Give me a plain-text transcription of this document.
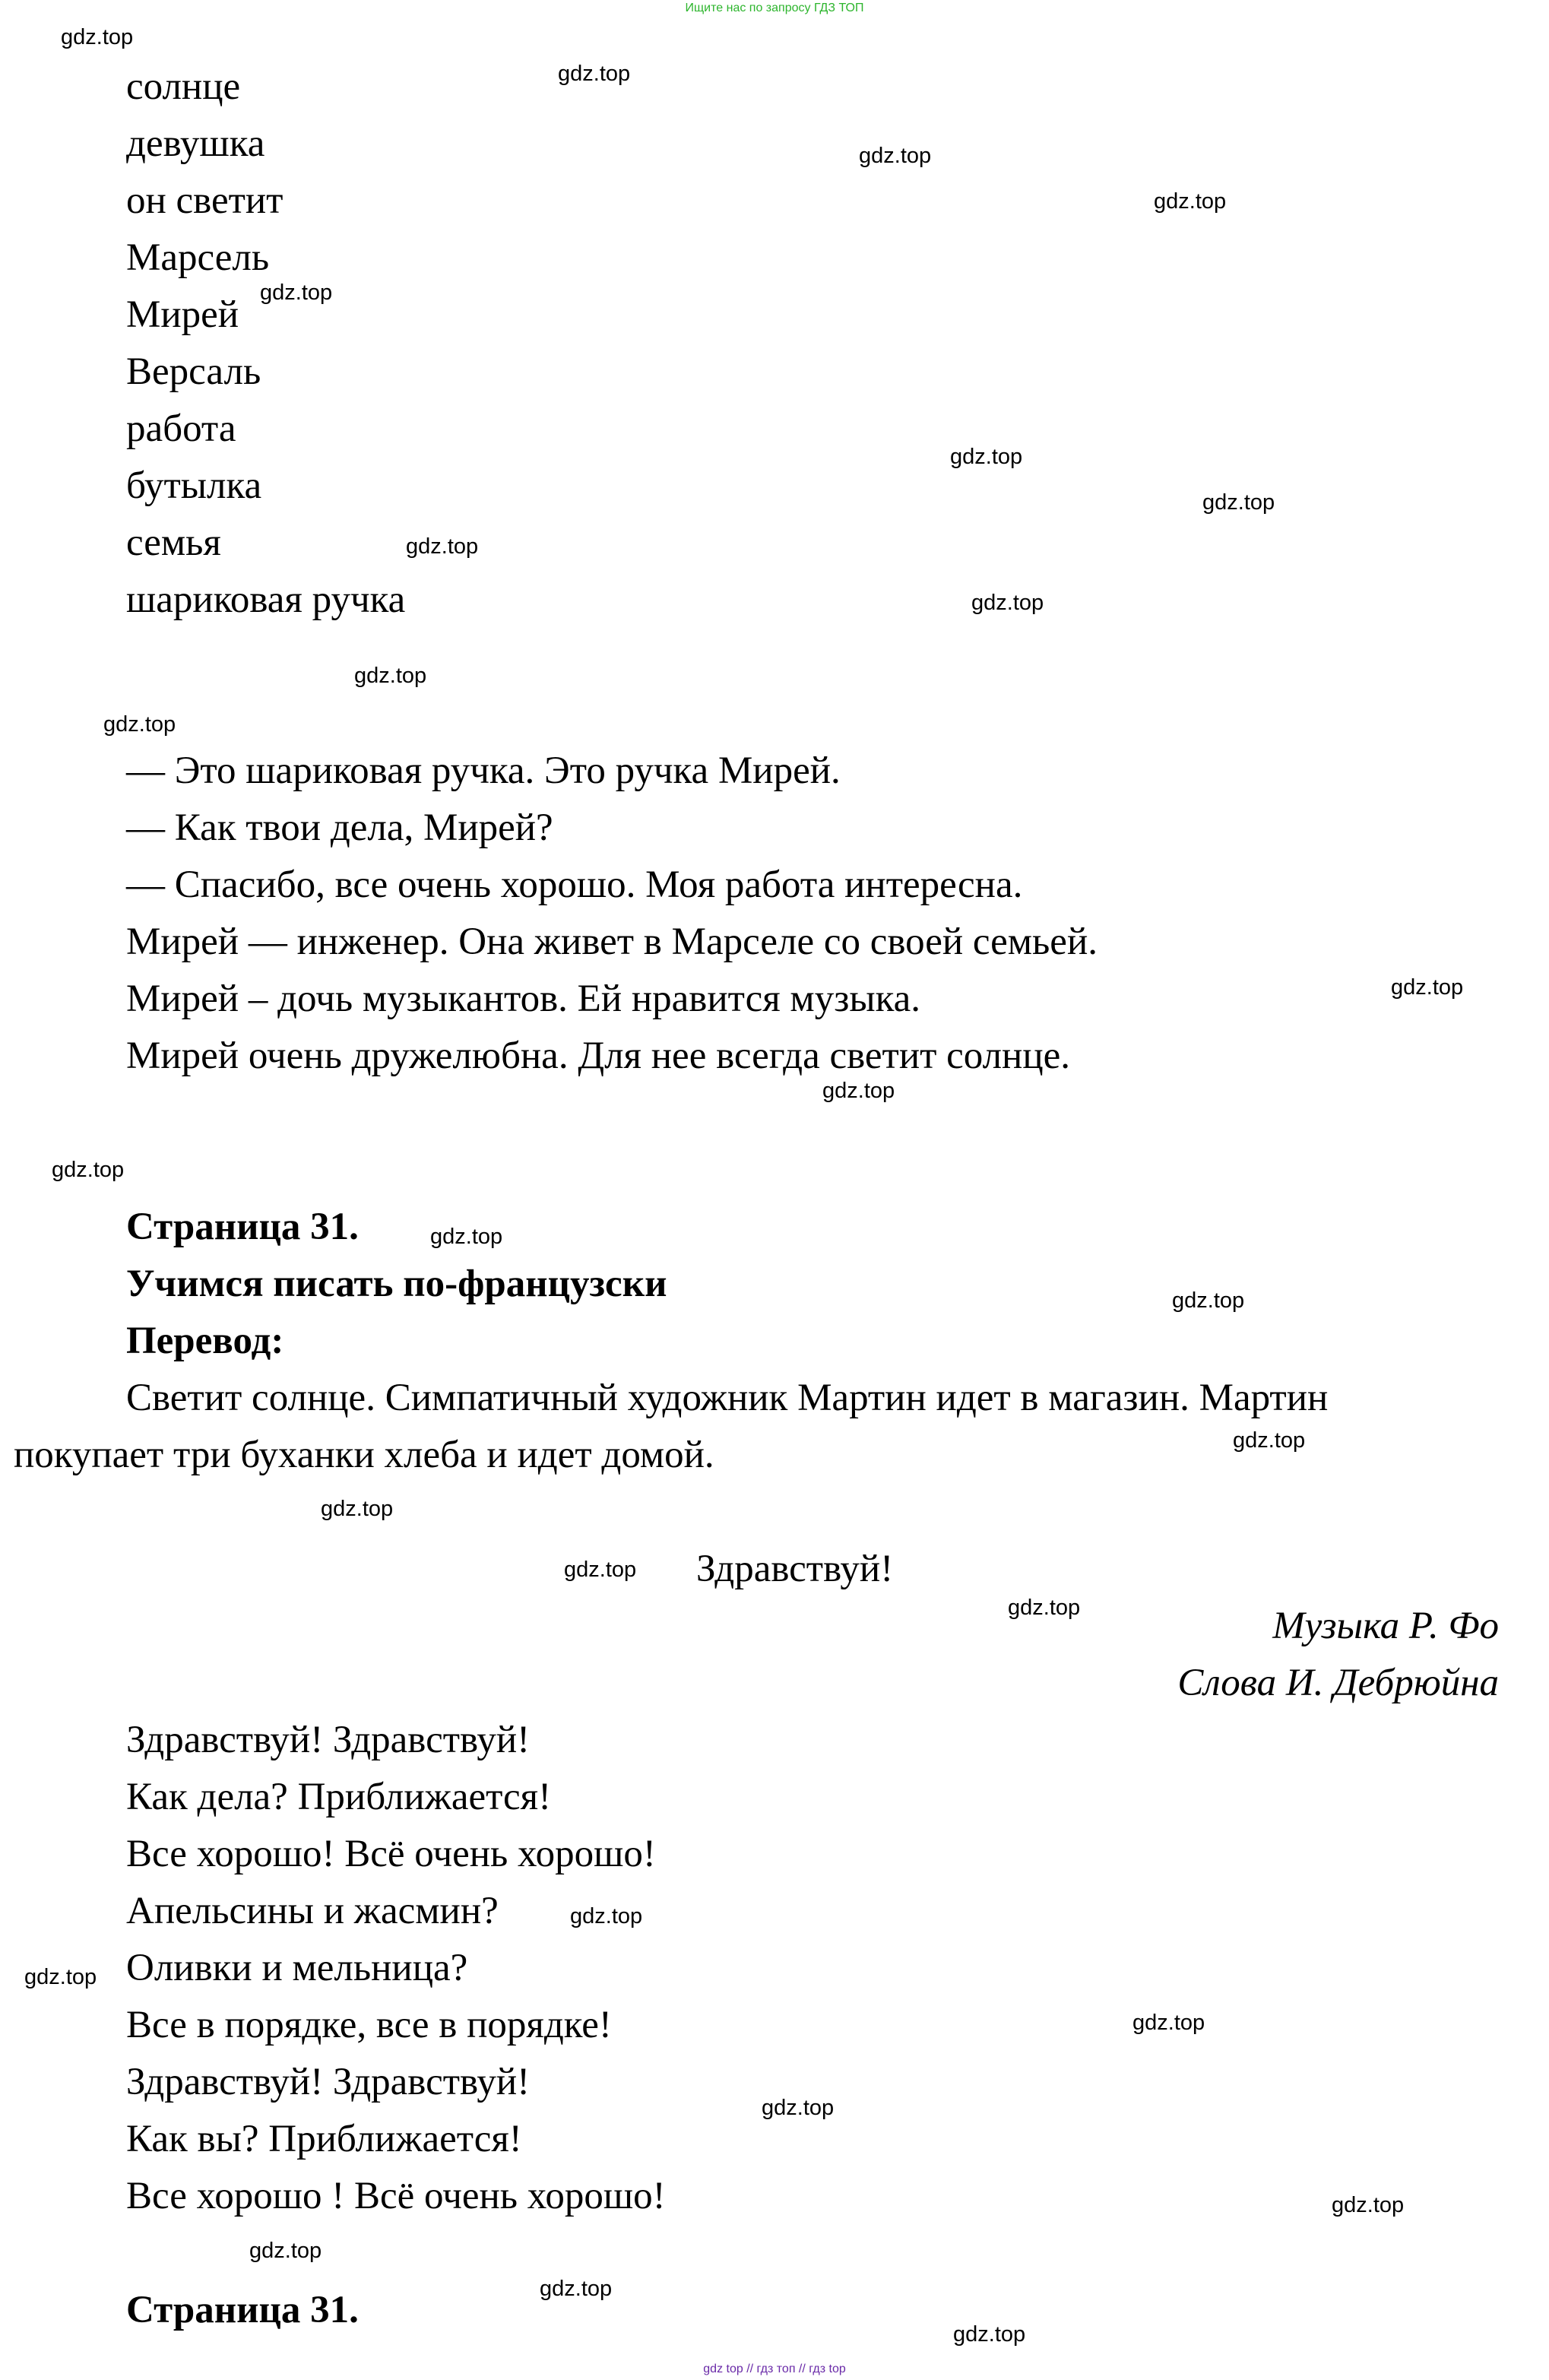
Ищите нас по запросу ГДЗ ТОП
солнце
девушка
он светит
Марсель
Мирей
Версаль
работа
бутылка
семья
шариковая ручка
— Это шариковая ручка. Это ручка Мирей.
— Как твои дела, Мирей?
— Спасибо, все очень хорошо. Моя работа интересна.
Мирей — инженер. Она живет в Марселе со своей семьей.
Мирей – дочь музыкантов. Ей нравится музыка.
Мирей очень дружелюбна. Для нее всегда светит солнце.
Страница 31.
Учимся писать по-французски
Перевод:
Светит солнце. Симпатичный художник Мартин идет в магазин. Мартин
покупает три буханки хлеба и идет домой.
Здравствуй!
Музыка Р. Фо
Слова И. Дебрюйна
Здравствуй! Здравствуй!
Как дела? Приближается!
Все хорошо! Всё очень хорошо!
Апельсины и жасмин?
Оливки и мельница?
Все в порядке, все в порядке!
Здравствуй! Здравствуй!
Как вы? Приближается!
Все хорошо ! Всё очень хорошо!
Страница 31.
gdz.top
gdz.top
gdz.top
gdz.top
gdz.top
gdz.top
gdz.top
gdz.top
gdz.top
gdz.top
gdz.top
gdz.top
gdz.top
gdz.top
gdz.top
gdz.top
gdz.top
gdz.top
gdz.top
gdz.top
gdz.top
gdz.top
gdz.top
gdz.top
gdz.top
gdz.top
gdz.top
gdz.top
gdz top // гдз топ // гдз top
